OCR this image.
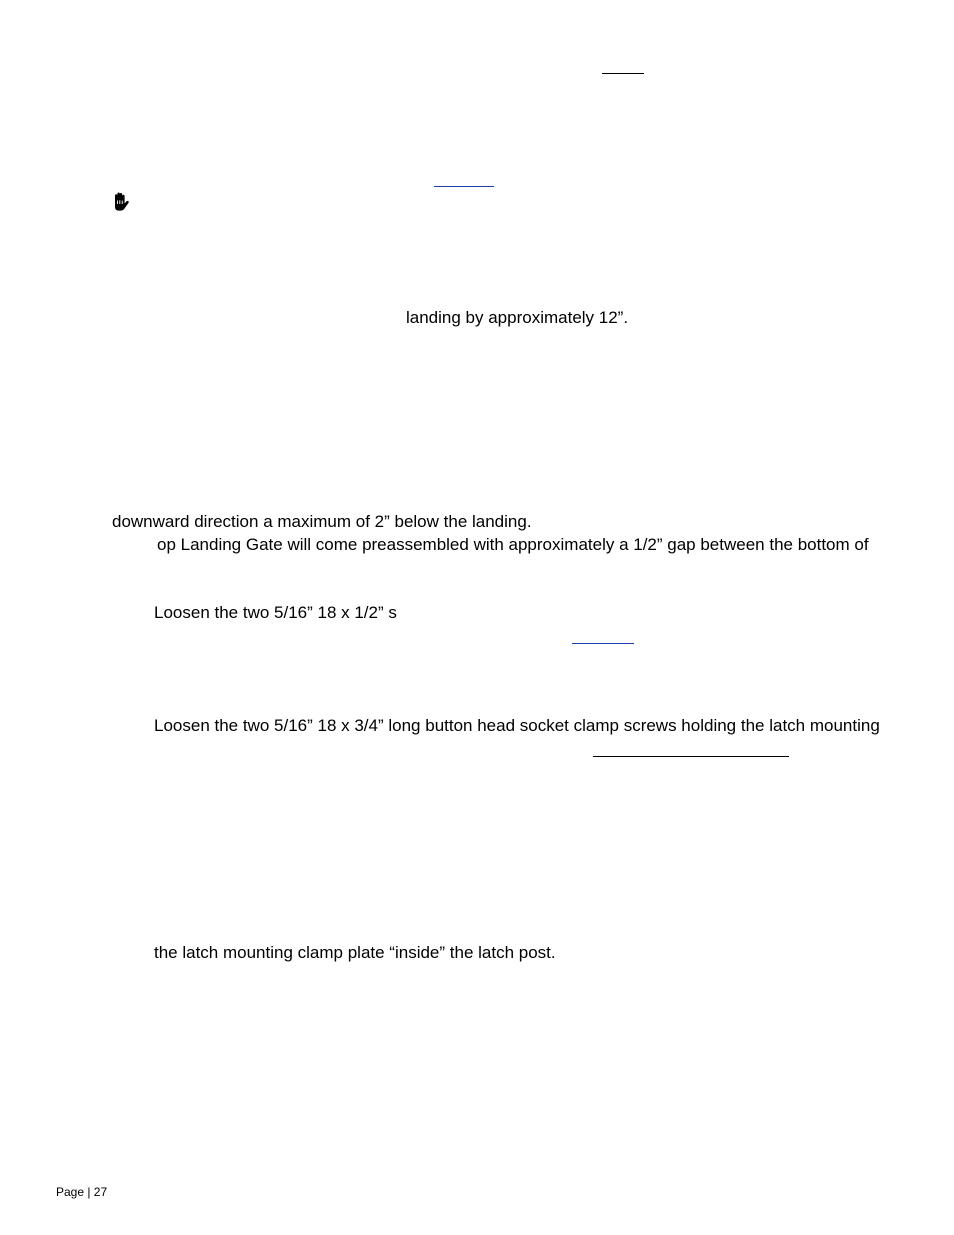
landing by approximately 12”.
downward direction a maximum of 2” below the landing.
op Landing Gate will come preassembled with approximately a 1/2” gap between the bottom of
Loosen the two 5/16” 18 x 1/2” s
Loosen the two 5/16” 18 x 3/4” long button head socket clamp screws holding the latch mounting
the latch mounting clamp plate “inside” the latch post.
Page | 27
